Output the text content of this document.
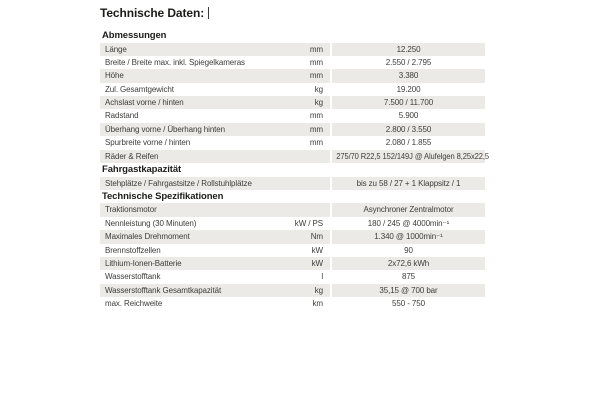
Technische Daten:
Abmessungen
Länge	mm	12.250
Breite / Breite max. inkl. Spiegelkameras	mm	2.550 / 2.795
Höhe	mm	3.380
Zul. Gesamtgewicht	kg	19.200
Achslast vorne / hinten	kg	7.500 / 11.700
Radstand	mm	5.900
Überhang vorne / Überhang hinten	mm	2.800 / 3.550
Spurbreite vorne / hinten	mm	2.080 / 1.855
Räder & Reifen	275/70 R22,5 152/149J @ Alufelgen 8,25x22,5
Fahrgastkapazität
Stehplätze / Fahrgastsitze / Rollstuhlplätze	bis zu 58 / 27 + 1 Klappsitz / 1
Technische Spezifikationen
Traktionsmotor	Asynchroner Zentralmotor
Nennleistung (30 Minuten)	kW / PS	180 / 245 @ 4000min⁻¹
Maximales Drehmoment	Nm	1.340 @ 1000min⁻¹
Brennstoffzellen	kW	90
Lithium-Ionen-Batterie	kW	2x72,6 kWh
Wasserstofftank	l	875
Wasserstofftank Gesamtkapazität	kg	35,15 @ 700 bar
max. Reichweite	km	550 - 750
